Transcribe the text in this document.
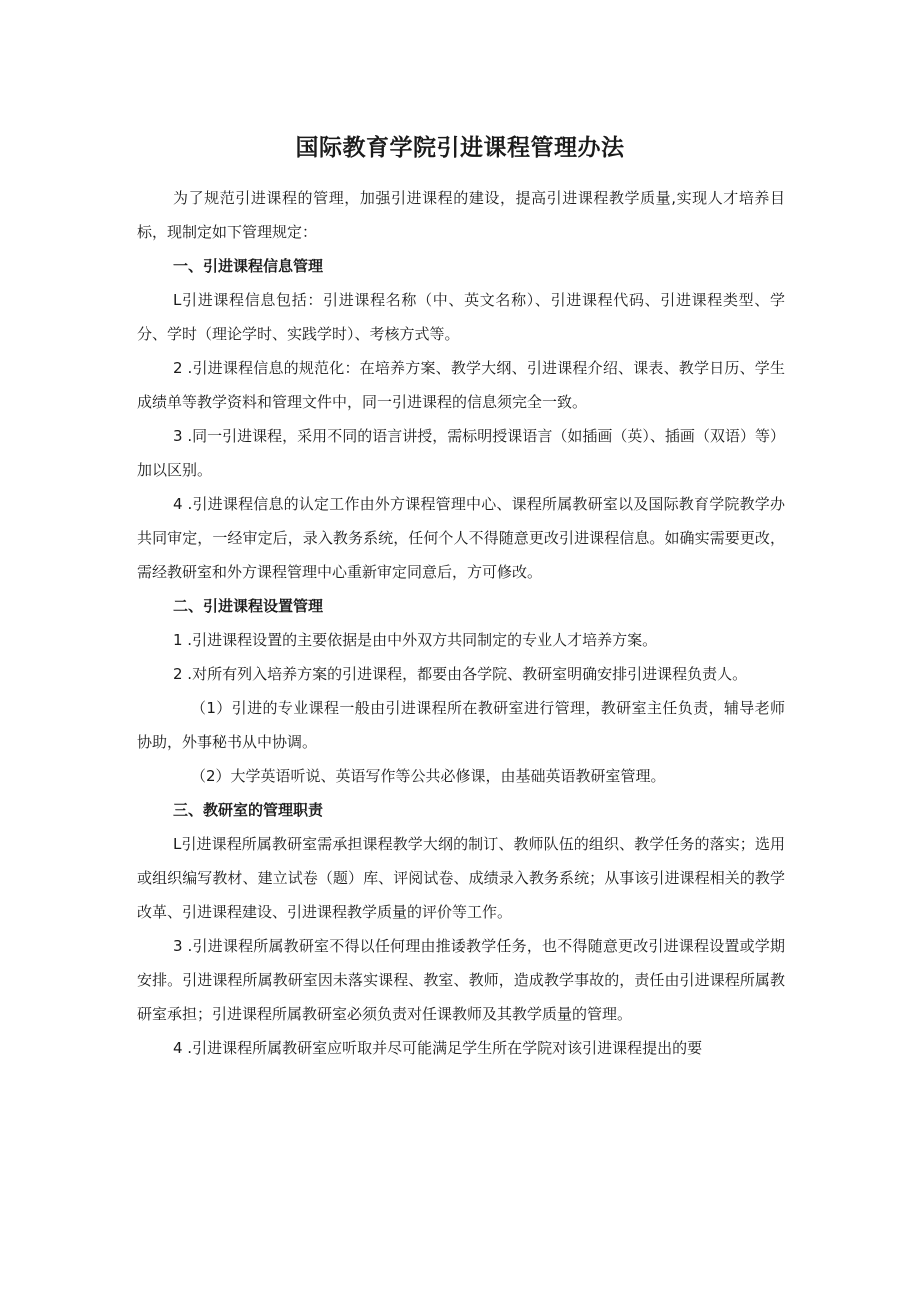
国际教育学院引进课程管理办法

为了规范引进课程的管理，加强引进课程的建设，提高引进课程教学质量,实现人才培养目标，现制定如下管理规定：

一、引进课程信息管理

L引进课程信息包括：引进课程名称（中、英文名称）、引进课程代码、引进课程类型、学分、学时（理论学时、实践学时）、考核方式等。

2 .引进课程信息的规范化：在培养方案、教学大纲、引进课程介绍、课表、教学日历、学生成绩单等教学资料和管理文件中，同一引进课程的信息须完全一致。

3 .同一引进课程，采用不同的语言讲授，需标明授课语言（如插画（英）、插画（双语）等）加以区别。

4 .引进课程信息的认定工作由外方课程管理中心、课程所属教研室以及国际教育学院教学办共同审定，一经审定后，录入教务系统，任何个人不得随意更改引进课程信息。如确实需要更改，需经教研室和外方课程管理中心重新审定同意后，方可修改。

二、引进课程设置管理

1 .引进课程设置的主要依据是由中外双方共同制定的专业人才培养方案。

2 .对所有列入培养方案的引进课程，都要由各学院、教研室明确安排引进课程负责人。

（1）引进的专业课程一般由引进课程所在教研室进行管理，教研室主任负责，辅导老师协助，外事秘书从中协调。

（2）大学英语听说、英语写作等公共必修课，由基础英语教研室管理。

三、教研室的管理职责

L引进课程所属教研室需承担课程教学大纲的制订、教师队伍的组织、教学任务的落实；选用或组织编写教材、建立试卷（题）库、评阅试卷、成绩录入教务系统；从事该引进课程相关的教学改革、引进课程建设、引进课程教学质量的评价等工作。

3 .引进课程所属教研室不得以任何理由推诿教学任务，也不得随意更改引进课程设置或学期安排。引进课程所属教研室因未落实课程、教室、教师，造成教学事故的，责任由引进课程所属教研室承担；引进课程所属教研室必须负责对任课教师及其教学质量的管理。

4 .引进课程所属教研室应听取并尽可能满足学生所在学院对该引进课程提出的要
